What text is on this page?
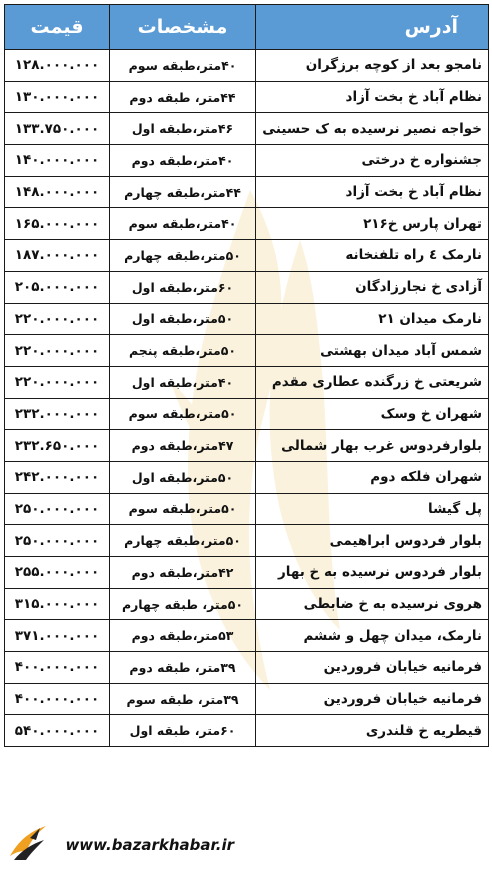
آدرس	مشخصات	قیمت
نامجو بعد از کوچه برزگران	۴۰متر،طبقه سوم	۱۲۸.۰۰۰.۰۰۰
نظام آباد خ بخت آزاد	۴۴متر، طبقه دوم	۱۳۰.۰۰۰.۰۰۰
خواجه نصیر نرسیده به ک حسینی	۴۶متر،طبقه اول	۱۳۳.۷۵۰.۰۰۰
جشنواره خ درختی	۴۰متر،طبقه دوم	۱۴۰.۰۰۰.۰۰۰
نظام آباد خ بخت آزاد	۴۴متر،طبقه چهارم	۱۴۸.۰۰۰.۰۰۰
تهران پارس خ۲۱۶	۴۰متر،طبقه سوم	۱۶۵.۰۰۰.۰۰۰
نارمک ٤ راه تلفنخانه	۵۰متر،طبقه چهارم	۱۸۷.۰۰۰.۰۰۰
آزادی خ نجارزادگان	۶۰متر،طبقه اول	۲۰۵.۰۰۰.۰۰۰
نارمک میدان ۲۱	۵۰متر،طبقه اول	۲۲۰.۰۰۰.۰۰۰
شمس آباد میدان بهشتی	۵۰متر،طبقه پنجم	۲۲۰.۰۰۰.۰۰۰
شریعتی خ زرگنده عطاری مقدم	۴۰متر،طبقه اول	۲۲۰.۰۰۰.۰۰۰
شهران خ وسک	۵۰متر،طبقه سوم	۲۳۲.۰۰۰.۰۰۰
بلوارفردوس غرب بهار شمالی	۴۷متر،طبقه دوم	۲۳۲.۶۵۰.۰۰۰
شهران فلکه دوم	۵۰متر،طبقه اول	۲۴۲.۰۰۰.۰۰۰
پل گیشا	۵۰متر،طبقه سوم	۲۵۰.۰۰۰.۰۰۰
بلوار فردوس ابراهیمی	۵۰متر،طبقه چهارم	۲۵۰.۰۰۰.۰۰۰
بلوار فردوس نرسیده به خ بهار	۴۲متر،طبقه دوم	۲۵۵.۰۰۰.۰۰۰
هروی نرسیده به خ ضابطی	۵۰متر، طبقه چهارم	۳۱۵.۰۰۰.۰۰۰
نارمک، میدان چهل و ششم	۵۳متر،طبقه دوم	۳۷۱.۰۰۰.۰۰۰
فرمانیه خیابان فروردین	۳۹متر، طبقه دوم	۴۰۰.۰۰۰.۰۰۰
فرمانیه خیابان فروردین	۳۹متر، طبقه سوم	۴۰۰.۰۰۰.۰۰۰
قیطریه خ قلندری	۶۰متر، طبقه اول	۵۴۰.۰۰۰.۰۰۰
www.bazarkhabar.ir
